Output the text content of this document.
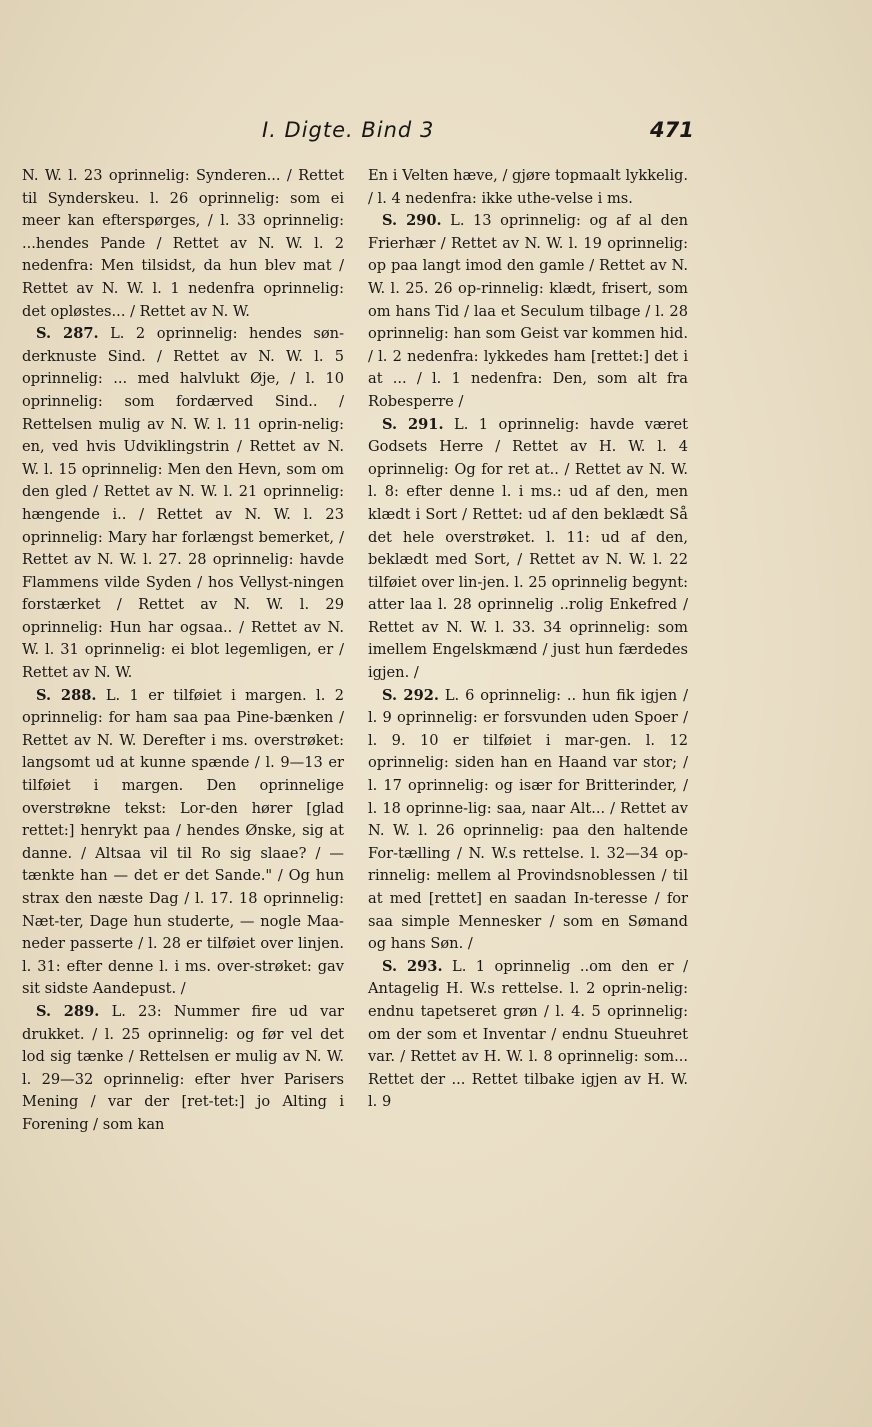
I. Digte. Bind 3	471

N. W. l. 23 oprinnelig: Synderen... / Rettet til Synderskeu. l. 26 oprinnelig: som ei meer kan efterspørges, / l. 33 oprinnelig: ...hendes Pande / Rettet av N. W. l. 2 nedenfra: Men tilsidst, da hun blev mat / Rettet av N. W. l. 1 nedenfra oprinnelig: det opløstes... / Rettet av N. W.

S. 287. L. 2 oprinnelig: hendes søn-derknuste Sind. / Rettet av N. W. l. 5 oprinnelig: ... med halvlukt Øje, / l. 10 oprinnelig: som fordærved Sind.. / Rettelsen mulig av N. W. l. 11 oprin-nelig: en, ved hvis Udviklingstrin / Rettet av N. W. l. 15 oprinnelig: Men den Hevn, som om den gled / Rettet av N. W. l. 21 oprinnelig: hængende i.. / Rettet av N. W. l. 23 oprinnelig: Mary har forlængst bemerket, / Rettet av N. W. l. 27. 28 oprinnelig: havde Flammens vilde Syden / hos Vellyst-ningen forstærket / Rettet av N. W. l. 29 oprinnelig: Hun har ogsaa.. / Rettet av N. W. l. 31 oprinnelig: ei blot legemligen, er / Rettet av N. W.

S. 288. L. 1 er tilføiet i margen. l. 2 oprinnelig: for ham saa paa Pine-bænken / Rettet av N. W. Derefter i ms. overstrøket: langsomt ud at kunne spænde / l. 9—13 er tilføiet i margen. Den oprinnelige overstrøkne tekst: Lor-den hører [glad rettet:] henrykt paa / hendes Ønske, sig at danne. / Altsaa vil til Ro sig slaae? / — tænkte han — det er det Sande." / Og hun strax den næste Dag / l. 17. 18 oprinnelig: Næt-ter, Dage hun studerte, — nogle Maa-neder passerte / l. 28 er tilføiet over linjen. l. 31: efter denne l. i ms. over-strøket: gav sit sidste Aandepust. /

S. 289. L. 23: Nummer fire ud var drukket. / l. 25 oprinnelig: og før vel det lod sig tænke / Rettelsen er mulig av N. W. l. 29—32 oprinnelig: efter hver Parisers Mening / var der [ret-tet:] jo Alting i Forening / som kan

En i Velten hæve, / gjøre topmaalt lykkelig. / l. 4 nedenfra: ikke uthe-velse i ms.

S. 290. L. 13 oprinnelig: og af al den Frierhær / Rettet av N. W. l. 19 oprinnelig: op paa langt imod den gamle / Rettet av N. W. l. 25. 26 op-rinnelig: klædt, frisert, som om hans Tid / laa et Seculum tilbage / l. 28 oprinnelig: han som Geist var kommen hid. / l. 2 nedenfra: lykkedes ham [rettet:] det i at ... / l. 1 nedenfra: Den, som alt fra Robesperre /

S. 291. L. 1 oprinnelig: havde været Godsets Herre / Rettet av H. W. l. 4 oprinnelig: Og for ret at.. / Rettet av N. W. l. 8: efter denne l. i ms.: ud af den, men klædt i Sort / Rettet: ud af den beklædt Så det hele overstrøket. l. 11: ud af den, beklædt med Sort, / Rettet av N. W. l. 22 tilføiet over lin-jen. l. 25 oprinnelig begynt: atter laa l. 28 oprinnelig ..rolig Enkefred / Rettet av N. W. l. 33. 34 oprinnelig: som imellem Engelskmænd / just hun færdedes igjen. /

S. 292. L. 6 oprinnelig: .. hun fik igjen / l. 9 oprinnelig: er forsvunden uden Spoer / l. 9. 10 er tilføiet i mar-gen. l. 12 oprinnelig: siden han en Haand var stor; / l. 17 oprinnelig: og især for Britterinder, / l. 18 oprinne-lig: saa, naar Alt... / Rettet av N. W. l. 26 oprinnelig: paa den haltende For-tælling / N. W.s rettelse. l. 32—34 op-rinnelig: mellem al Provindsnoblessen / til at med [rettet] en saadan In-teresse / for saa simple Mennesker / som en Sømand og hans Søn. /

S. 293. L. 1 oprinnelig ..om den er / Antagelig H. W.s rettelse. l. 2 oprin-nelig: endnu tapetseret grøn / l. 4. 5 oprinnelig: om der som et Inventar / endnu Stueuhret var. / Rettet av H. W. l. 8 oprinnelig: som... Rettet der ... Rettet tilbake igjen av H. W. l. 9
